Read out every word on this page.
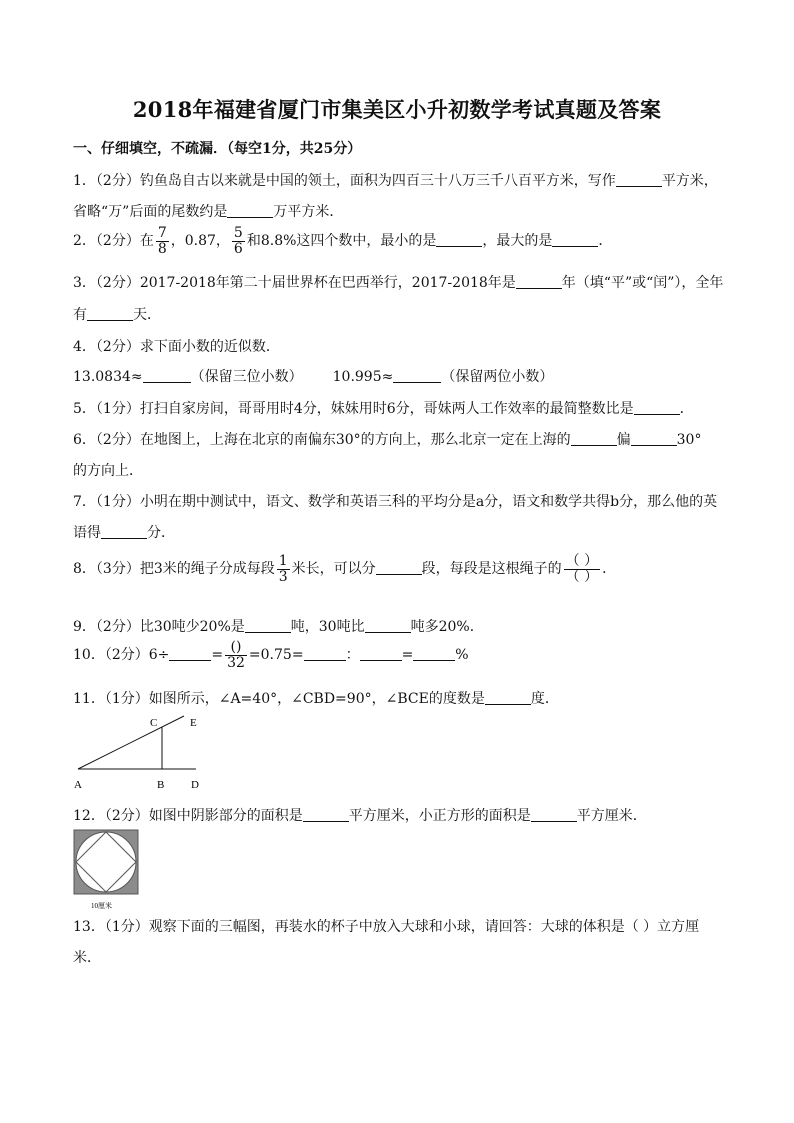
2018年福建省厦门市集美区小升初数学考试真题及答案
一、仔细填空，不疏漏．（每空1分，共25分）
1．（2分）钓鱼岛自古以来就是中国的领土，面积为四百三十八万三千八百平方米，写作	平方米，
省略“万”后面的尾数约是	万平方米．
2．（2分）在 $\frac{7}{8}$ ，0.87， $\frac{5}{6}$ 和8.8%这四个数中，最小的是	，最大的是	．
3．（2分）2017-2018年第二十届世界杯在巴西举行，2017-2018年是	年（填“平”或“闰”），全年
有	天．
4．（2分）求下面小数的近似数．
13.0834≈	（保留三位小数） 10.995≈	（保留两位小数）
5．（1分）打扫自家房间，哥哥用时4分，妹妹用时6分，哥妹两人工作效率的最简整数比是	．
6．（2分）在地图上，上海在北京的南偏东30°的方向上，那么北京一定在上海的	偏	30°
的方向上．
7．（1分）小明在期中测试中，语文、数学和英语三科的平均分是a分，语文和数学共得b分，那么他的英
语得	分．
8．（3分）把3米的绳子分成每段 $\frac{1}{3}$ 米长，可以分	段，每段是这根绳子的 $\frac{( )}{( )}$ ．
9．（2分）比30吨少20%是	吨，30吨比	吨多20%．
10．（2分）6÷	= $\frac{()}{32} =0.75=$	：	=	%
11．（1分）如图所示，∠A=40°，∠CBD=90°，∠BCE的度数是	度．
C	E
A	B D
12．（2分）如图中阴影部分的面积是	平方厘米，小正方形的面积是	平方厘米．
10厘米
13．（1分）观察下面的三幅图，再装水的杯子中放入大球和小球，请回答：大球的体积是（ ）立方厘
米．
